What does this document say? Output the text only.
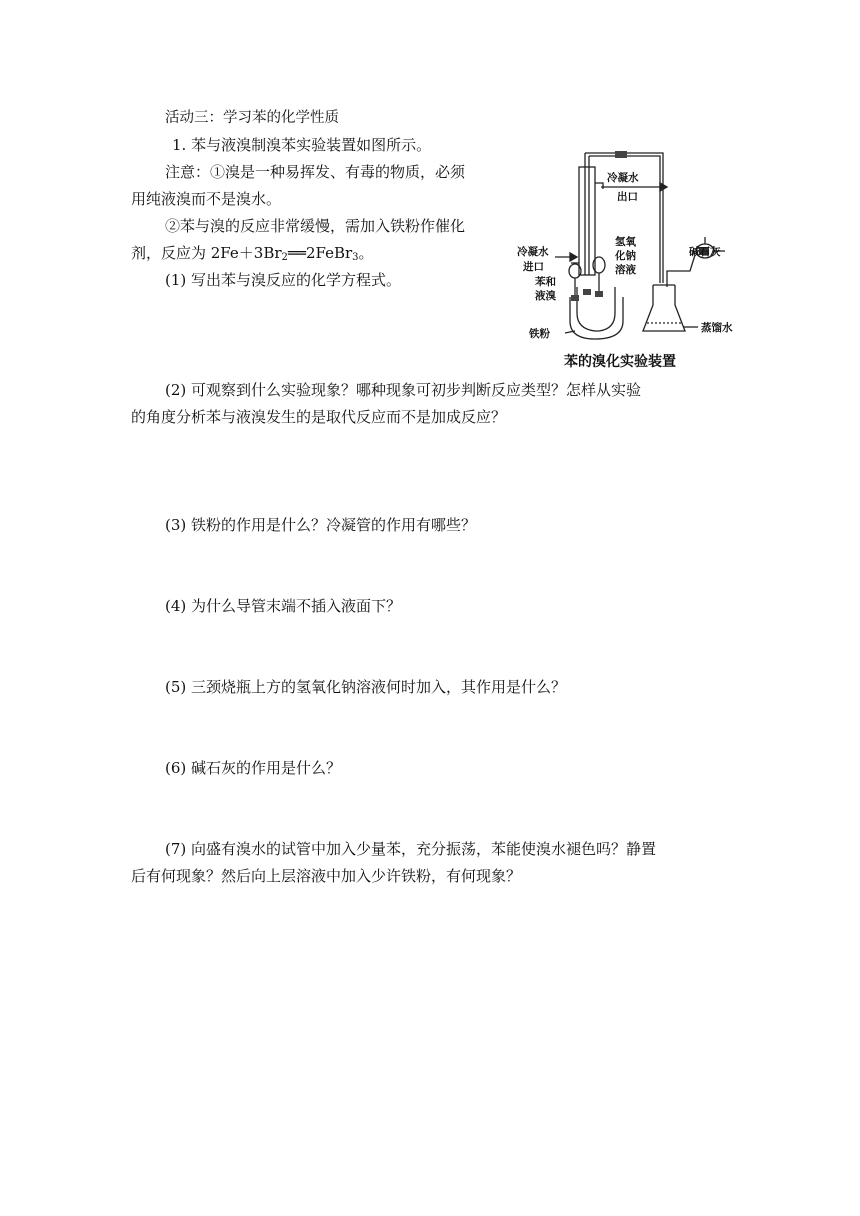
活动三：学习苯的化学性质
1. 苯与液溴制溴苯实验装置如图所示。
注意：①溴是一种易挥发、有毒的物质，必须
用纯液溴而不是溴水。
②苯与溴的反应非常缓慢，需加入铁粉作催化
剂，反应为 $2Fe+3Br_2══2FeBr_3$。
(1) 写出苯与溴反应的化学方程式。
冷凝水
出口
冷凝水
进口
氢氧
化钠
溶液
苯和
液溴
铁粉
碱石灰
蒸馏水
苯的溴化实验装置
(2) 可观察到什么实验现象？哪种现象可初步判断反应类型？怎样从实验
的角度分析苯与液溴发生的是取代反应而不是加成反应？
(3) 铁粉的作用是什么？冷凝管的作用有哪些？
(4) 为什么导管末端不插入液面下？
(5) 三颈烧瓶上方的氢氧化钠溶液何时加入，其作用是什么？
(6) 碱石灰的作用是什么？
(7) 向盛有溴水的试管中加入少量苯，充分振荡，苯能使溴水褪色吗？静置
后有何现象？然后向上层溶液中加入少许铁粉，有何现象？
